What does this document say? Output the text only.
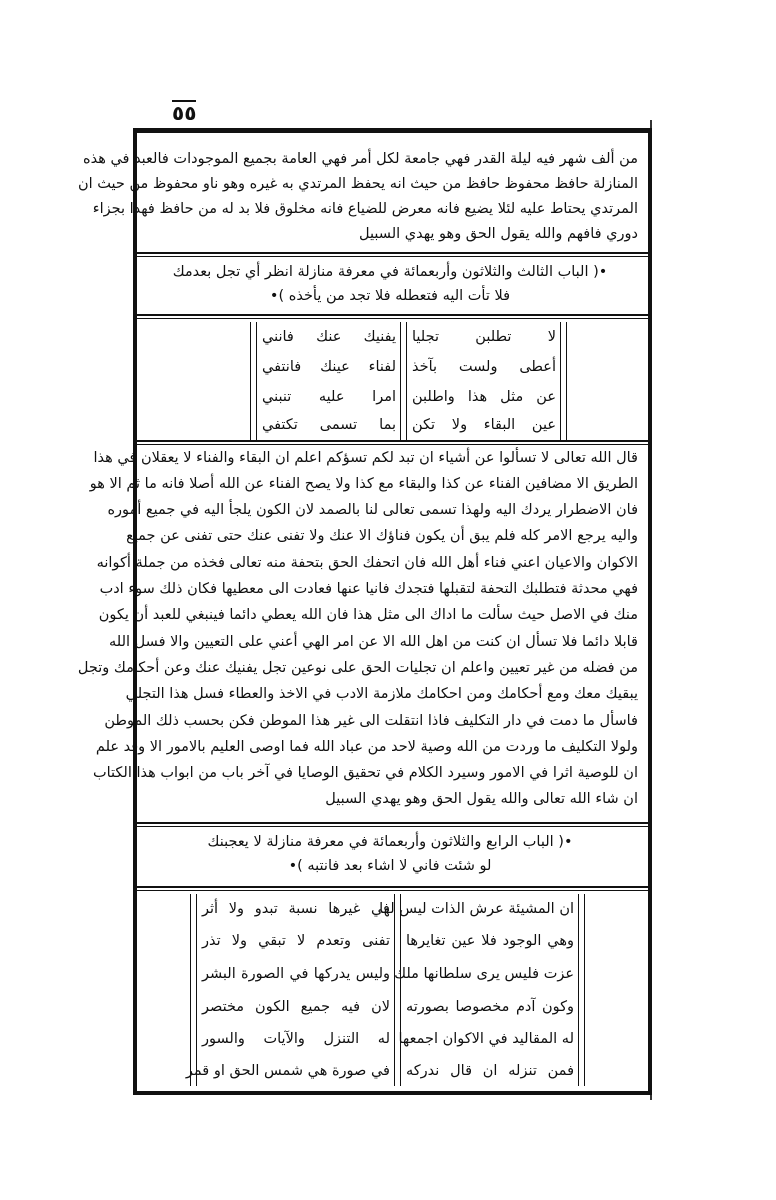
٥٥
من ألف شهر فيه ليلة القدر فهي جامعة لكل أمر فهي العامة بجميع الموجودات فالعبد في هذه
المنازلة حافظ محفوظ حافظ من حيث انه يحفظ المرتدي به غيره وهو ناو محفوظ من حيث ان
المرتدي يحتاط عليه لئلا يضيع فانه معرض للضياع فانه مخلوق فلا بد له من حافظ فهذا بجزاء
دوري فافهم والله يقول الحق وهو يهدي السبيل
•( الباب الثالث والثلاثون وأربعمائة في معرفة منازلة انظر أي تجل بعدمك
فلا تأت اليه فتعطله فلا تجد من يأخذه )•
لا تطلبن تجليا
يفنيك عنك فانني
أعطى ولست بآخذ
لفناء عينك فانتفي
عن مثل هذا واطلبن
امرا عليه تنبني
عين البقاء ولا تكن
بما تسمى تكتفي
قال الله تعالى لا تسألوا عن أشياء ان تبد لكم تسؤكم اعلم ان البقاء والفناء لا يعقلان في هذا
الطريق الا مضافين الفناء عن كذا والبقاء مع كذا ولا يصح الفناء عن الله أصلا فانه ما ثم الا هو
فان الاضطرار يردك اليه ولهذا تسمى تعالى لنا بالصمد لان الكون يلجأ اليه في جميع أموره
واليه يرجع الامر كله فلم يبق أن يكون فناؤك الا عنك ولا تفنى عنك حتى تفنى عن جميع
الاكوان والاعيان اعني فناء أهل الله فان اتحفك الحق بتحفة منه تعالى فخذه من جملة أكوانه
فهي محدثة فتطلبك التحفة لتقبلها فتجدك فانيا عنها فعادت الى معطيها فكان ذلك سوء ادب
منك في الاصل حيث سألت ما اداك الى مثل هذا فان الله يعطي دائما فينبغي للعبد أن يكون
قابلا دائما فلا تسأل ان كنت من اهل الله الا عن امر الهي أعني على التعيين والا فسل الله
من فضله من غير تعيين واعلم ان تجليات الحق على نوعين تجل يفنيك عنك وعن أحكامك وتجل
يبقيك معك ومع أحكامك ومن احكامك ملازمة الادب في الاخذ والعطاء فسل هذا التجلي
فاسأل ما دمت في دار التكليف فاذا انتقلت الى غير هذا الموطن فكن بحسب ذلك الموطن
ولولا التكليف ما وردت من الله وصية لاحد من عباد الله فما اوصى العليم بالامور الا وقد علم
ان للوصية اثرا في الامور وسيرد الكلام في تحقيق الوصايا في آخر باب من ابواب هذا الكتاب
ان شاء الله تعالى والله يقول الحق وهو يهدي السبيل
•( الباب الرابع والثلاثون وأربعمائة في معرفة منازلة لا يعجبنك
لو شئت فاني لا اشاء بعد فانتبه )•
ان المشيئة عرش الذات ليس لها
في غيرها نسبة تبدو ولا أثر
وهي الوجود فلا عين تغايرها
تفنى وتعدم لا تبقي ولا تذر
عزت فليس يرى سلطانها ملك
وليس يدركها في الصورة البشر
وكون آدم مخصوصا بصورته
لان فيه جميع الكون مختصر
له المقاليد في الاكوان اجمعها
له التنزل والآيات والسور
فمن تنزله ان قال ندركه
في صورة هي شمس الحق او قمر
